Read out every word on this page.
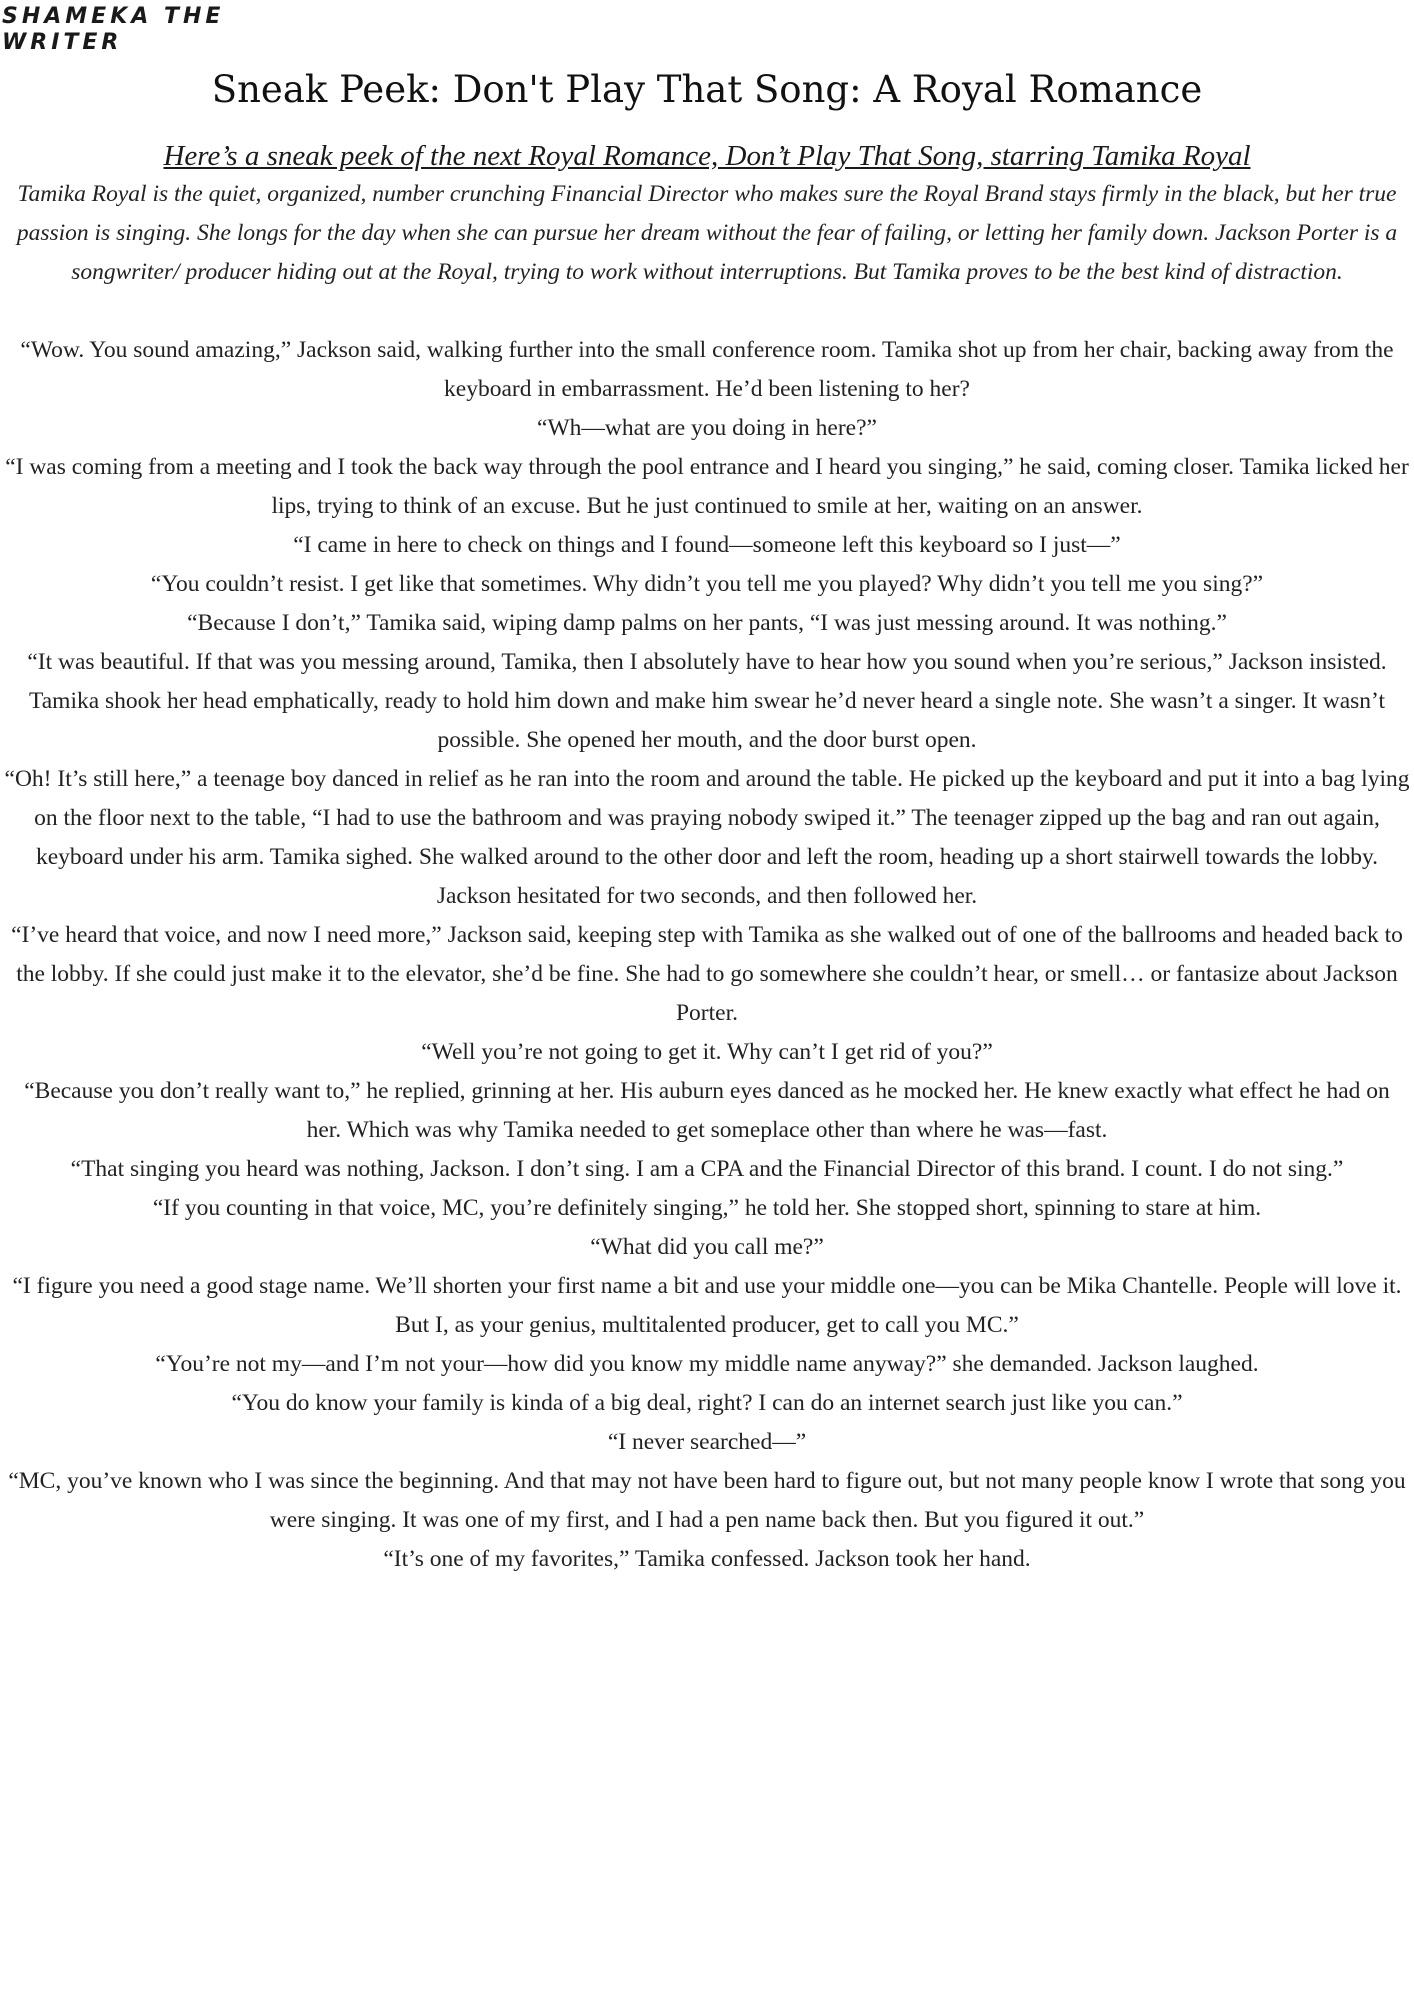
SHAMEKA THE
WRITER
Sneak Peek: Don't Play That Song: A Royal Romance

Here’s a sneak peek of the next Royal Romance, Don’t Play That Song, starring Tamika Royal

Tamika Royal is the quiet, organized, number crunching Financial Director who makes sure the Royal Brand stays firmly in the black, but her true passion is singing. She longs for the day when she can pursue her dream without the fear of failing, or letting her family down. Jackson Porter is a songwriter/ producer hiding out at the Royal, trying to work without interruptions. But Tamika proves to be the best kind of distraction.

“Wow. You sound amazing,” Jackson said, walking further into the small conference room. Tamika shot up from her chair, backing away from the keyboard in embarrassment. He’d been listening to her?

“Wh—what are you doing in here?”

“I was coming from a meeting and I took the back way through the pool entrance and I heard you singing,” he said, coming closer. Tamika licked her lips, trying to think of an excuse. But he just continued to smile at her, waiting on an answer.

“I came in here to check on things and I found—someone left this keyboard so I just—”

“You couldn’t resist. I get like that sometimes. Why didn’t you tell me you played? Why didn’t you tell me you sing?”

“Because I don’t,” Tamika said, wiping damp palms on her pants, “I was just messing around. It was nothing.”

“It was beautiful. If that was you messing around, Tamika, then I absolutely have to hear how you sound when you’re serious,” Jackson insisted. Tamika shook her head emphatically, ready to hold him down and make him swear he’d never heard a single note. She wasn’t a singer. It wasn’t possible. She opened her mouth, and the door burst open.

“Oh! It’s still here,” a teenage boy danced in relief as he ran into the room and around the table. He picked up the keyboard and put it into a bag lying on the floor next to the table, “I had to use the bathroom and was praying nobody swiped it.” The teenager zipped up the bag and ran out again, keyboard under his arm. Tamika sighed. She walked around to the other door and left the room, heading up a short stairwell towards the lobby. Jackson hesitated for two seconds, and then followed her.

“I’ve heard that voice, and now I need more,” Jackson said, keeping step with Tamika as she walked out of one of the ballrooms and headed back to the lobby. If she could just make it to the elevator, she’d be fine. She had to go somewhere she couldn’t hear, or smell… or fantasize about Jackson Porter.

“Well you’re not going to get it. Why can’t I get rid of you?”

“Because you don’t really want to,” he replied, grinning at her. His auburn eyes danced as he mocked her. He knew exactly what effect he had on her. Which was why Tamika needed to get someplace other than where he was—fast.

“That singing you heard was nothing, Jackson. I don’t sing. I am a CPA and the Financial Director of this brand. I count. I do not sing.”

“If you counting in that voice, MC, you’re definitely singing,” he told her. She stopped short, spinning to stare at him.

“What did you call me?”

“I figure you need a good stage name. We’ll shorten your first name a bit and use your middle one—you can be Mika Chantelle. People will love it. But I, as your genius, multitalented producer, get to call you MC.”

“You’re not my—and I’m not your—how did you know my middle name anyway?” she demanded. Jackson laughed.

“You do know your family is kinda of a big deal, right? I can do an internet search just like you can.”

“I never searched—”

“MC, you’ve known who I was since the beginning. And that may not have been hard to figure out, but not many people know I wrote that song you were singing. It was one of my first, and I had a pen name back then. But you figured it out.”

“It’s one of my favorites,” Tamika confessed. Jackson took her hand.
